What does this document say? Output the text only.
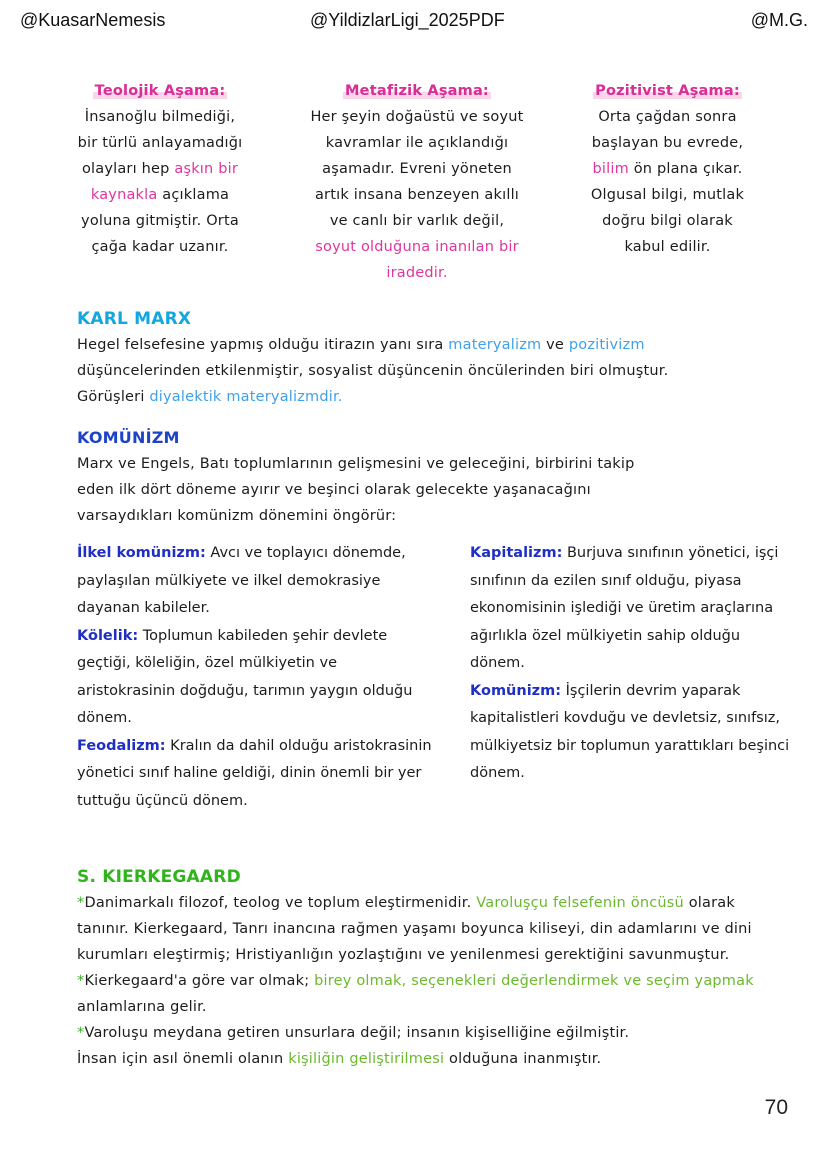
@KuasarNemesis	@YildizlarLigi_2025PDF	@M.G.
Teolojik Aşama:
İnsanoğlu bilmediği,
bir türlü anlayamadığı
olayları hep aşkın bir
kaynakla açıklama
yoluna gitmiştir. Orta
çağa kadar uzanır.
Metafizik Aşama:
Her şeyin doğaüstü ve soyut
kavramlar ile açıklandığı
aşamadır. Evreni yöneten
artık insana benzeyen akıllı
ve canlı bir varlık değil,
soyut olduğuna inanılan bir
iradedir.
Pozitivist Aşama:
Orta çağdan sonra
başlayan bu evrede,
bilim ön plana çıkar.
Olgusal bilgi, mutlak
doğru bilgi olarak
kabul edilir.
KARL MARX
Hegel felsefesine yapmış olduğu itirazın yanı sıra materyalizm ve pozitivizm
düşüncelerinden etkilenmiştir, sosyalist düşüncenin öncülerinden biri olmuştur.
Görüşleri diyalektik materyalizmdir.
KOMÜNİZM
Marx ve Engels, Batı toplumlarının gelişmesini ve geleceğini, birbirini takip
eden ilk dört döneme ayırır ve beşinci olarak gelecekte yaşanacağını
varsaydıkları komünizm dönemini öngörür:

İlkel komünizm: Avcı ve toplayıcı dönemde, paylaşılan mülkiyete ve ilkel demokrasiye dayanan kabileler.

Kölelik: Toplumun kabileden şehir devlete geçtiği, köleliğin, özel mülkiyetin ve aristokrasinin doğduğu, tarımın yaygın olduğu dönem.

Feodalizm: Kralın da dahil olduğu aristokrasinin yönetici sınıf haline geldiği, dinin önemli bir yer tuttuğu üçüncü dönem.

Kapitalizm: Burjuva sınıfının yönetici, işçi sınıfının da ezilen sınıf olduğu, piyasa ekonomisinin işlediği ve üretim araçlarına ağırlıkla özel mülkiyetin sahip olduğu dönem.

Komünizm: İşçilerin devrim yaparak kapitalistleri kovduğu ve devletsiz, sınıfsız, mülkiyetsiz bir toplumun yarattıkları beşinci dönem.

S. KIERKEGAARD

*Danimarkalı filozof, teolog ve toplum eleştirmenidir. Varoluşçu felsefenin öncüsü olarak tanınır. Kierkegaard, Tanrı inancına rağmen yaşamı boyunca kiliseyi, din adamlarını ve dini kurumları eleştirmiş; Hristiyanlığın yozlaştığını ve yenilenmesi gerektiğini savunmuştur.

*Kierkegaard'a göre var olmak; birey olmak, seçenekleri değerlendirmek ve seçim yapmak anlamlarına gelir.

*Varoluşu meydana getiren unsurlara değil; insanın kişiselliğine eğilmiştir.
İnsan için asıl önemli olanın kişiliğin geliştirilmesi olduğuna inanmıştır.

70
